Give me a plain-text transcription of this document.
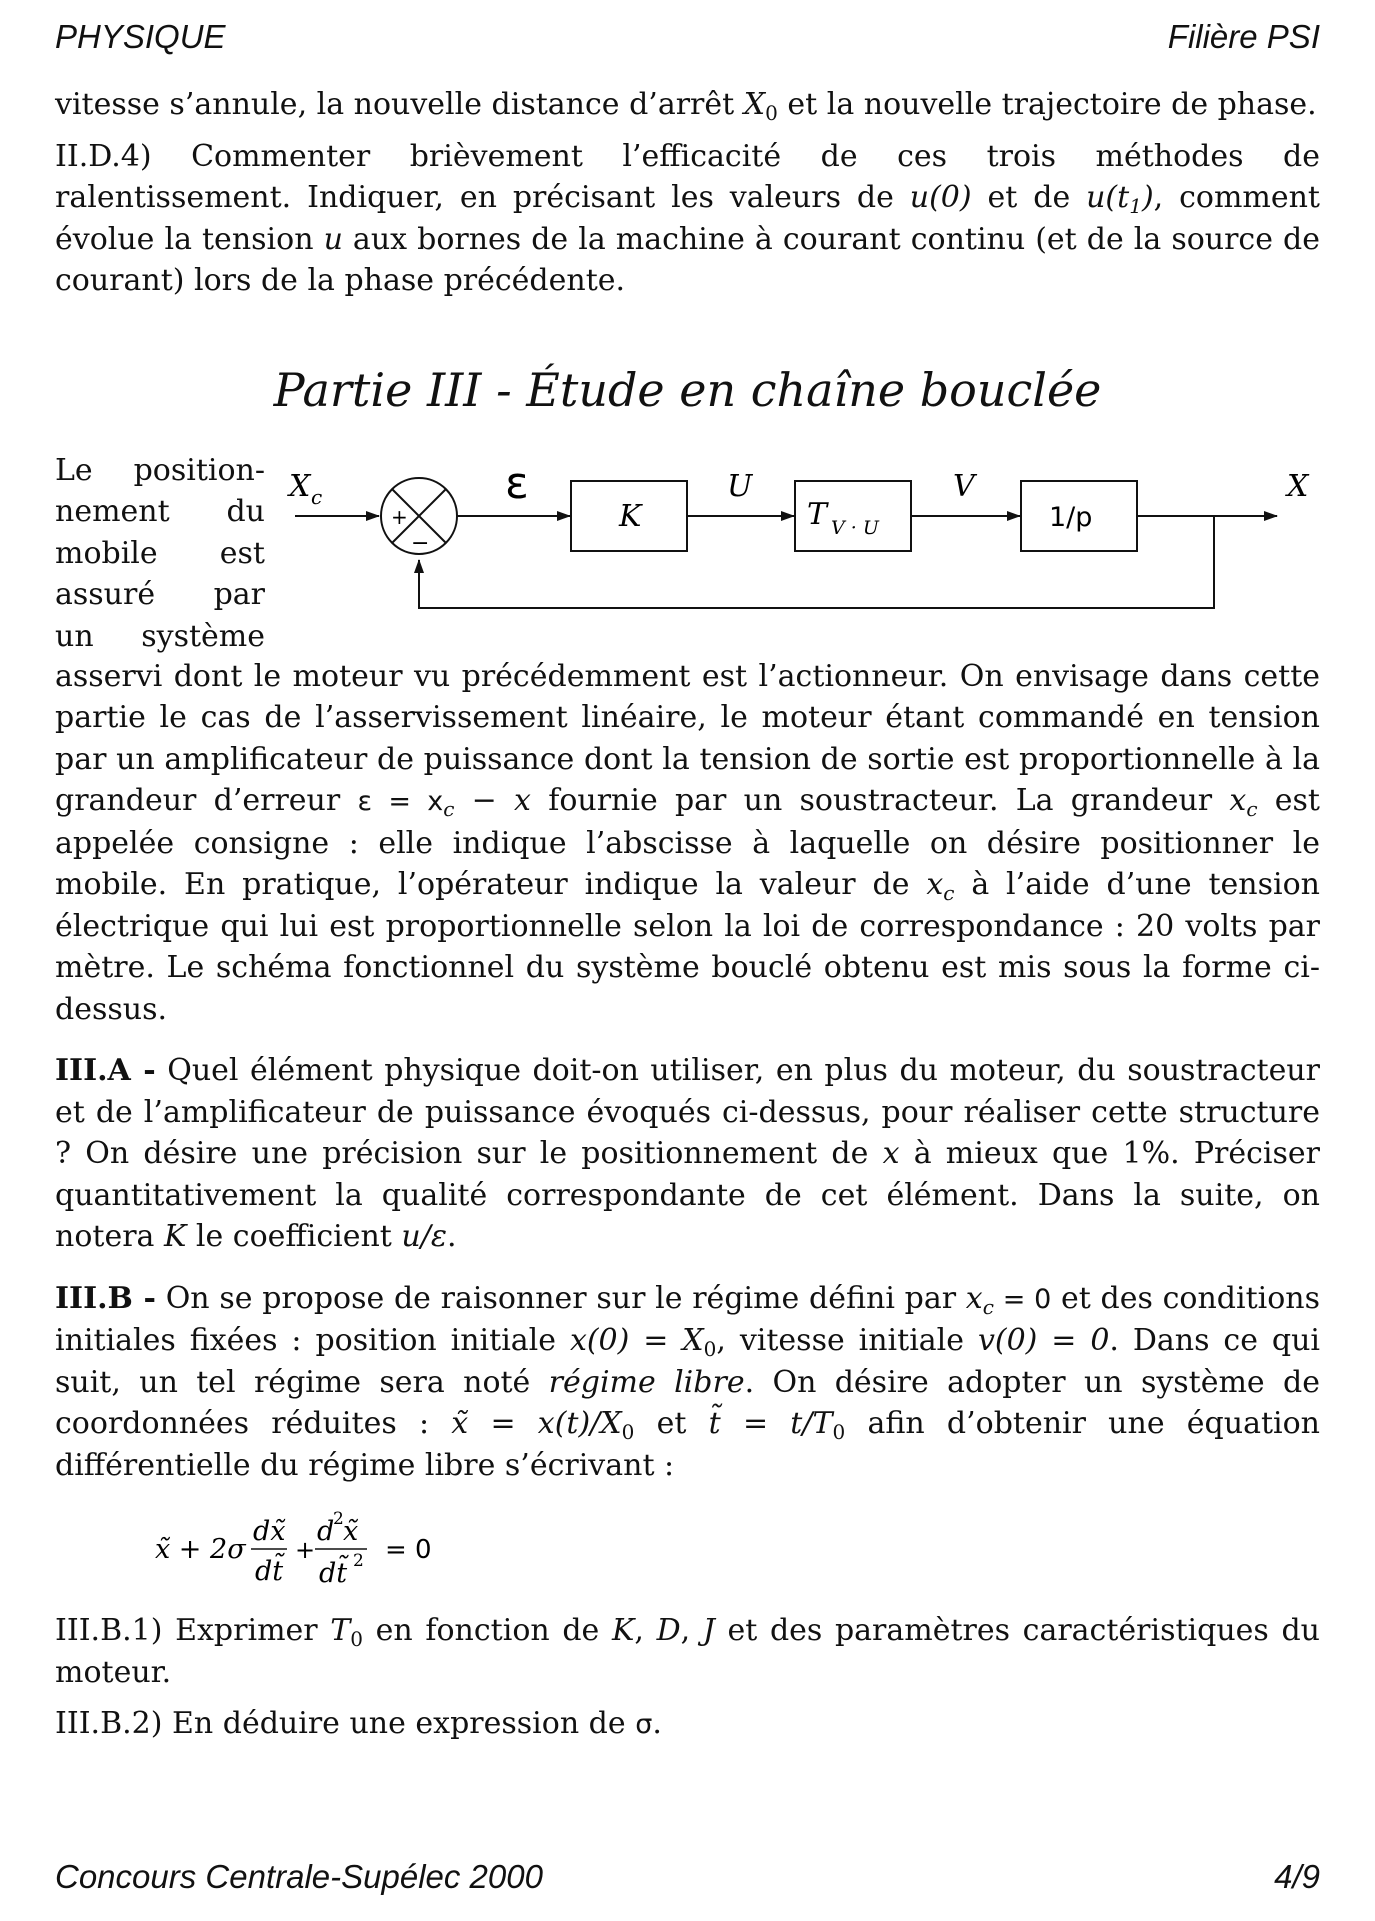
PHYSIQUE	Filière PSI

vitesse s’annule, la nouvelle distance d’arrêt $X_0$ et la nouvelle trajectoire de phase.

II.D.4) Commenter brièvement l’efficacité de ces trois méthodes de ralentissement. Indiquer, en précisant les valeurs de u(0) et de $u(t_1)$, comment évolue la tension u aux bornes de la machine à courant continu (et de la source de courant) lors de la phase précédente.

Partie III - Étude en chaîne bouclée
Le position-
nement du
mobile est
assuré par
un système
X c
+
−
ε
K
U
T V · U
V
1/p
X

asservi dont le moteur vu précédemment est l’actionneur. On envisage dans cette partie le cas de l’asservissement linéaire, le moteur étant commandé en tension par un amplificateur de puissance dont la tension de sortie est proportionnelle à la grandeur d’erreur $\varepsilon = x_c - x$ fournie par un soustracteur. La grandeur $x_c$ est appelée consigne : elle indique l’abscisse à laquelle on désire positionner le mobile. En pratique, l’opérateur indique la valeur de $x_c$ à l’aide d’une tension électrique qui lui est proportionnelle selon la loi de correspondance : 20 volts par mètre. Le schéma fonctionnel du système bouclé obtenu est mis sous la forme ci-dessus.

III.A - Quel élément physique doit-on utiliser, en plus du moteur, du soustracteur et de l’amplificateur de puissance évoqués ci-dessus, pour réaliser cette structure ? On désire une précision sur le positionnement de x à mieux que 1%. Préciser quantitativement la qualité correspondante de cet élément. Dans la suite, on notera K le coefficient u/ε.

III.B - On se propose de raisonner sur le régime défini par $x_c = 0$ et des conditions initiales fixées : position initiale $x(0) = X_0$, vitesse initiale v(0) = 0. Dans ce qui suit, un tel régime sera noté régime libre. On désire adopter un système de coordonnées réduites : x̃ = $x(t)/X_0$ et t̃ = $t/T_0$ afin d’obtenir une équation différentielle du régime libre s’écrivant :

x̃ + 2σ
dx̃
dt̃
+
d
2 x̃
dt̃ 2 = 0

III.B.1) Exprimer $T_0$ en fonction de K, D, J et des paramètres caractéristiques du moteur.

III.B.2) En déduire une expression de σ.

Concours Centrale-Supélec 2000	4/9
